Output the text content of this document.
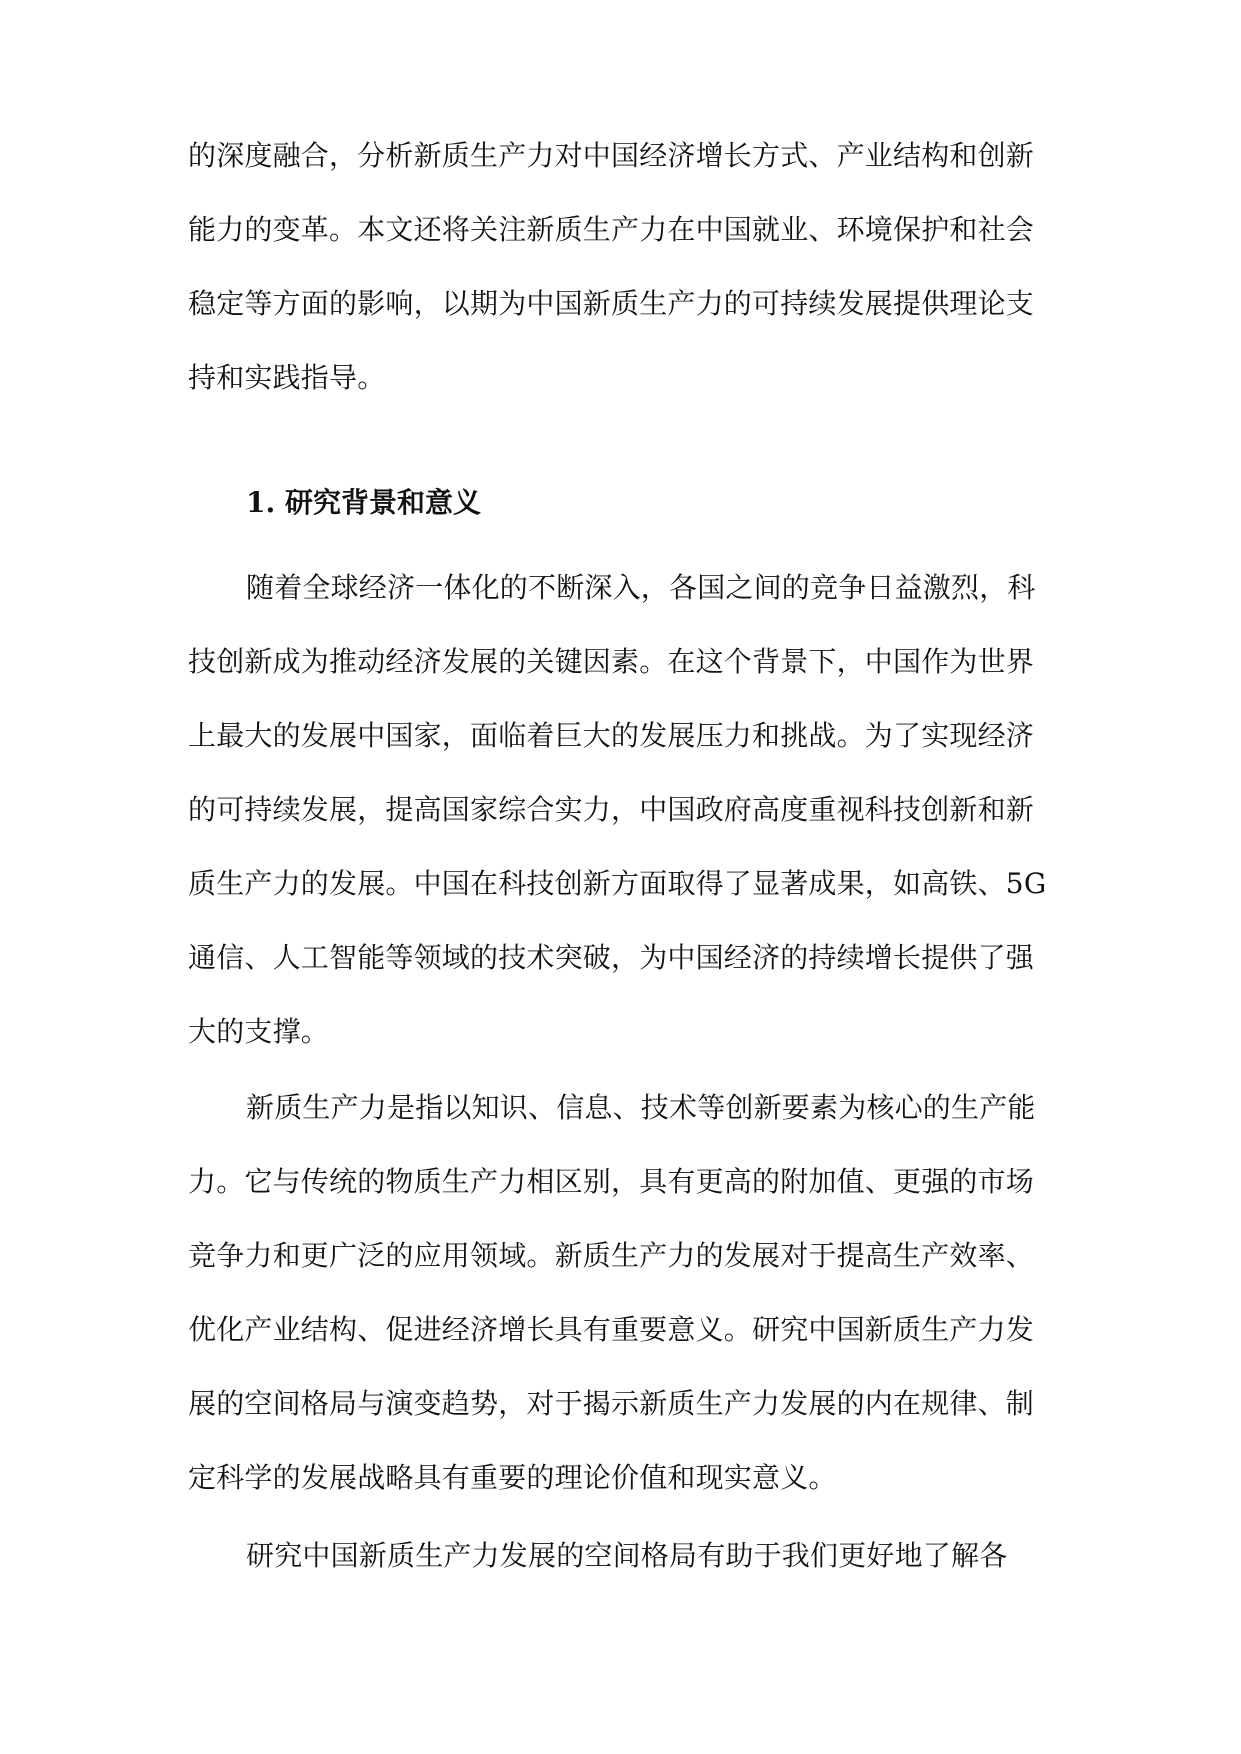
的深度融合，分析新质生产力对中国经济增长方式、产业结构和创新
能力的变革。本文还将关注新质生产力在中国就业、环境保护和社会
稳定等方面的影响，以期为中国新质生产力的可持续发展提供理论支
持和实践指导。
1. 研究背景和意义
随着全球经济一体化的不断深入，各国之间的竞争日益激烈，科
技创新成为推动经济发展的关键因素。在这个背景下，中国作为世界
上最大的发展中国家，面临着巨大的发展压力和挑战。为了实现经济
的可持续发展，提高国家综合实力，中国政府高度重视科技创新和新
质生产力的发展。中国在科技创新方面取得了显著成果，如高铁、5G
通信、人工智能等领域的技术突破，为中国经济的持续增长提供了强
大的支撑。
新质生产力是指以知识、信息、技术等创新要素为核心的生产能
力。它与传统的物质生产力相区别，具有更高的附加值、更强的市场
竞争力和更广泛的应用领域。新质生产力的发展对于提高生产效率、
优化产业结构、促进经济增长具有重要意义。研究中国新质生产力发
展的空间格局与演变趋势，对于揭示新质生产力发展的内在规律、制
定科学的发展战略具有重要的理论价值和现实意义。
研究中国新质生产力发展的空间格局有助于我们更好地了解各
